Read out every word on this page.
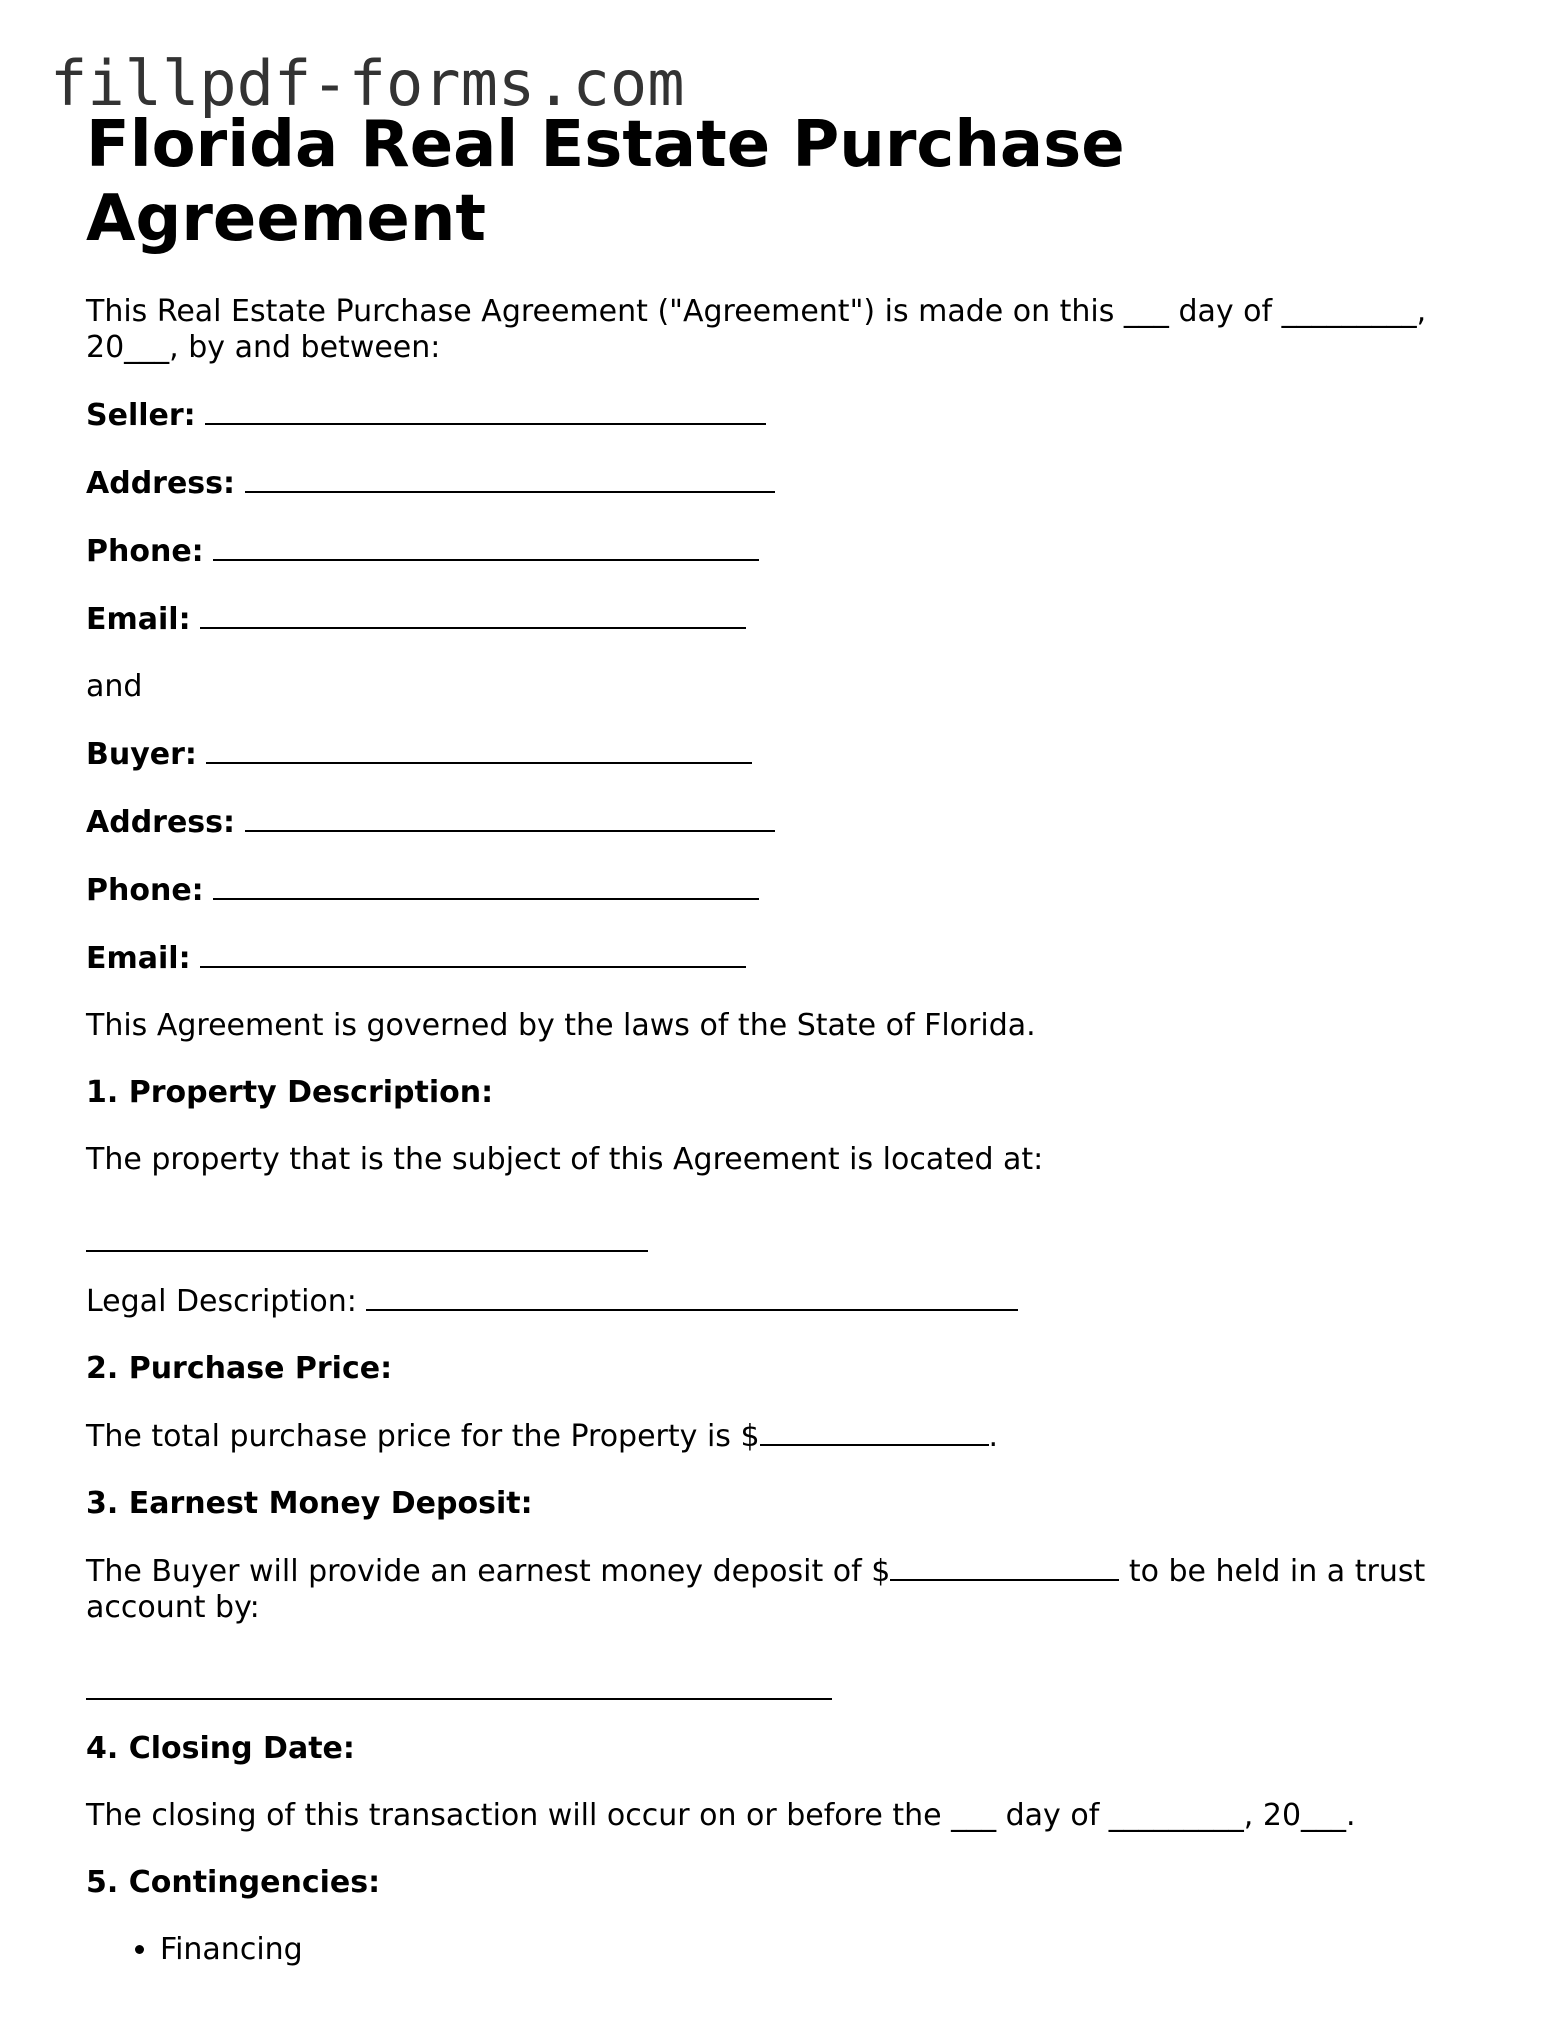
fillpdf-forms.com
Florida Real Estate Purchase Agreement

This Real Estate Purchase Agreement ("Agreement") is made on this ___ day of _________, 20___, by and between:

Seller:

Address:

Phone:

Email:

and

Buyer:

Address:

Phone:

Email:

This Agreement is governed by the laws of the State of Florida.

1. Property Description:

The property that is the subject of this Agreement is located at:

Legal Description:

2. Purchase Price:

The total purchase price for the Property is $	.

3. Earnest Money Deposit:

The Buyer will provide an earnest money deposit of $	to be held in a trust account by:

4. Closing Date:

The closing of this transaction will occur on or before the ___ day of _________, 20___.

5. Contingencies:

• Financing
